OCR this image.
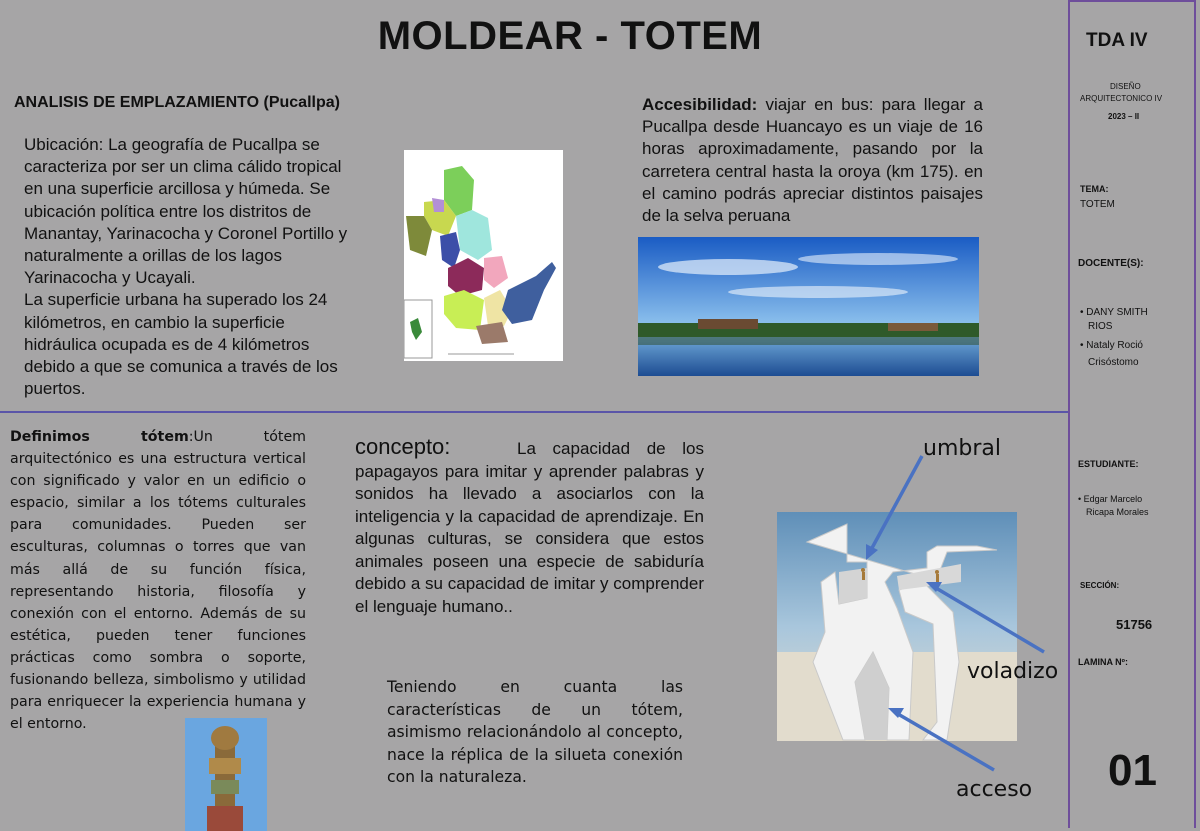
MOLDEAR - TOTEM
ANALISIS DE EMPLAZAMIENTO (Pucallpa)
Ubicación: La geografía de Pucallpa se
caracteriza por ser un clima cálido tropical
en una superficie arcillosa y húmeda. Se
ubicación política entre los distritos de
Manantay, Yarinacocha y Coronel Portillo y
naturalmente a orillas de los lagos
Yarinacocha y Ucayali.
La superficie urbana ha superado los 24
kilómetros, en cambio la superficie
hidráulica ocupada es de 4 kilómetros
debido a que se comunica a través de los
puertos.
Accesibilidad: viajar en bus: para llegar a Pucallpa desde Huancayo es un viaje de 16 horas aproximadamente, pasando por la carretera central hasta la oroya (km 175). en el camino podrás apreciar distintos paisajes de la selva peruana
Definimos tótem:Un tótem arquitectónico es una estructura vertical con significado y valor en un edificio o espacio, similar a los tótems culturales para comunidades. Pueden ser esculturas, columnas o torres que van más allá de su función física, representando historia, filosofía y conexión con el entorno. Además de su estética, pueden tener funciones prácticas como sombra o soporte, fusionando belleza, simbolismo y utilidad para enriquecer la experiencia humana y el entorno.
concepto:	La capacidad de los papagayos para imitar y aprender palabras y sonidos ha llevado a asociarlos con la inteligencia y la capacidad de aprendizaje. En algunas culturas, se considera que estos animales poseen una especie de sabiduría debido a su capacidad de imitar y comprender el lenguaje humano..
Teniendo en cuanta las características de un tótem, asimismo relacionándolo al concepto, nace la réplica de la silueta conexión con la naturaleza.
umbral
voladizo
acceso
TDA IV
DISEÑO
ARQUITECTONICO IV
2023 – II
TEMA:
TOTEM
DOCENTE(S):
• DANY SMITH
RIOS
• Nataly Roció
Crisóstomo
ESTUDIANTE:
• Edgar Marcelo
Ricapa Morales
SECCIÓN:
51756
LAMINA Nº:
01
